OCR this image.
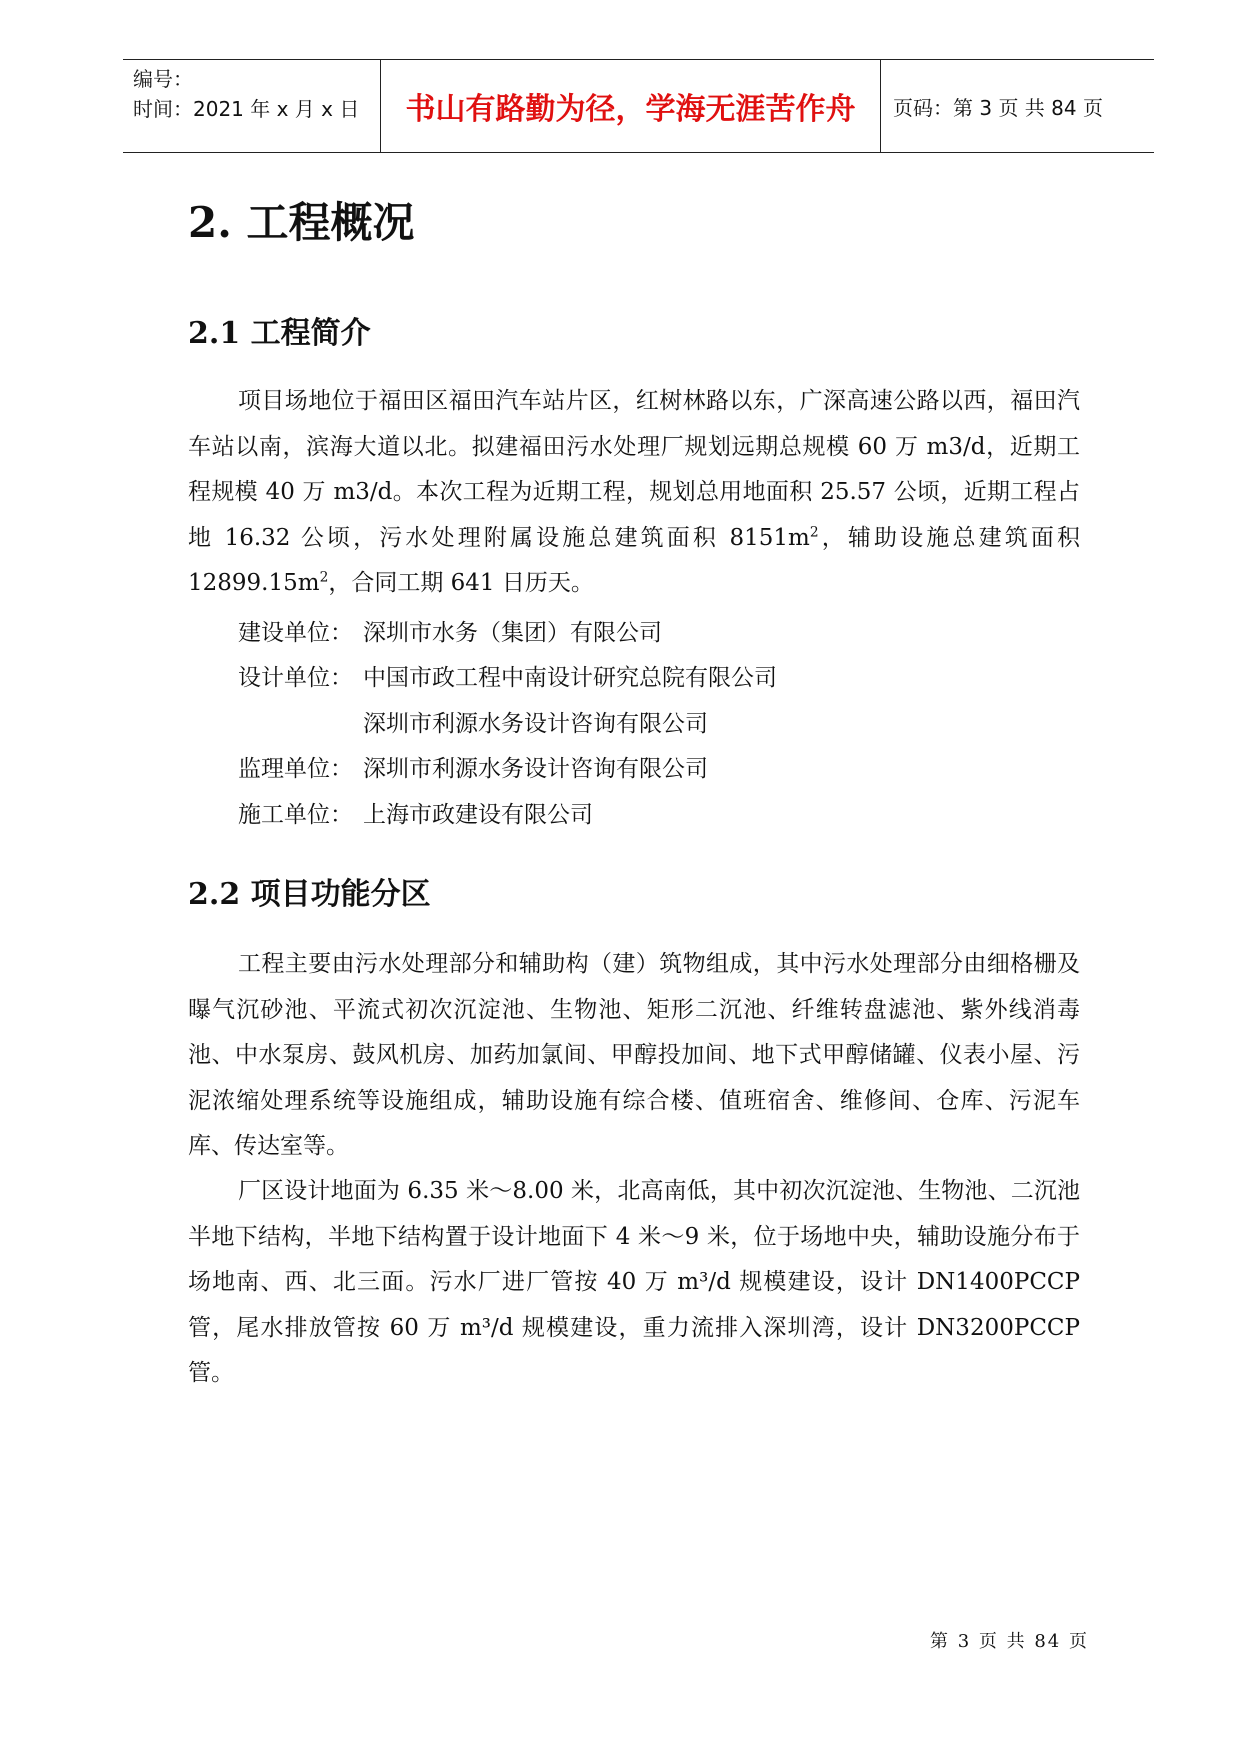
编号：
时间：2021 年 x 月 x 日	书山有路勤为径，学海无涯苦作舟	页码：第 3 页 共 84 页
2. 工程概况
2.1 工程简介

项目场地位于福田区福田汽车站片区，红树林路以东，广深高速公路以西，福田汽车站以南，滨海大道以北。拟建福田污水处理厂规划远期总规模 60 万 m3/d，近期工程规模 40 万 m3/d。本次工程为近期工程，规划总用地面积 25.57 公顷，近期工程占地 16.32 公顷，污水处理附属设施总建筑面积 $8151m^2$，辅助设施总建筑面积 $12899.15m^2$，合同工期 641 日历天。

建设单位： 深圳市水务（集团）有限公司
设计单位： 中国市政工程中南设计研究总院有限公司
深圳市利源水务设计咨询有限公司
监理单位： 深圳市利源水务设计咨询有限公司
施工单位： 上海市政建设有限公司
2.2 项目功能分区

工程主要由污水处理部分和辅助构（建）筑物组成，其中污水处理部分由细格栅及曝气沉砂池、平流式初次沉淀池、生物池、矩形二沉池、纤维转盘滤池、紫外线消毒池、中水泵房、鼓风机房、加药加氯间、甲醇投加间、地下式甲醇储罐、仪表小屋、污泥浓缩处理系统等设施组成，辅助设施有综合楼、值班宿舍、维修间、仓库、污泥车库、传达室等。

厂区设计地面为 6.35 米～8.00 米，北高南低，其中初次沉淀池、生物池、二沉池半地下结构，半地下结构置于设计地面下 4 米～9 米，位于场地中央，辅助设施分布于场地南、西、北三面。污水厂进厂管按 40 万 m³/d 规模建设，设计 DN1400PCCP 管，尾水排放管按 60 万 m³/d 规模建设，重力流排入深圳湾，设计 DN3200PCCP 管。

第 3 页 共 84 页
